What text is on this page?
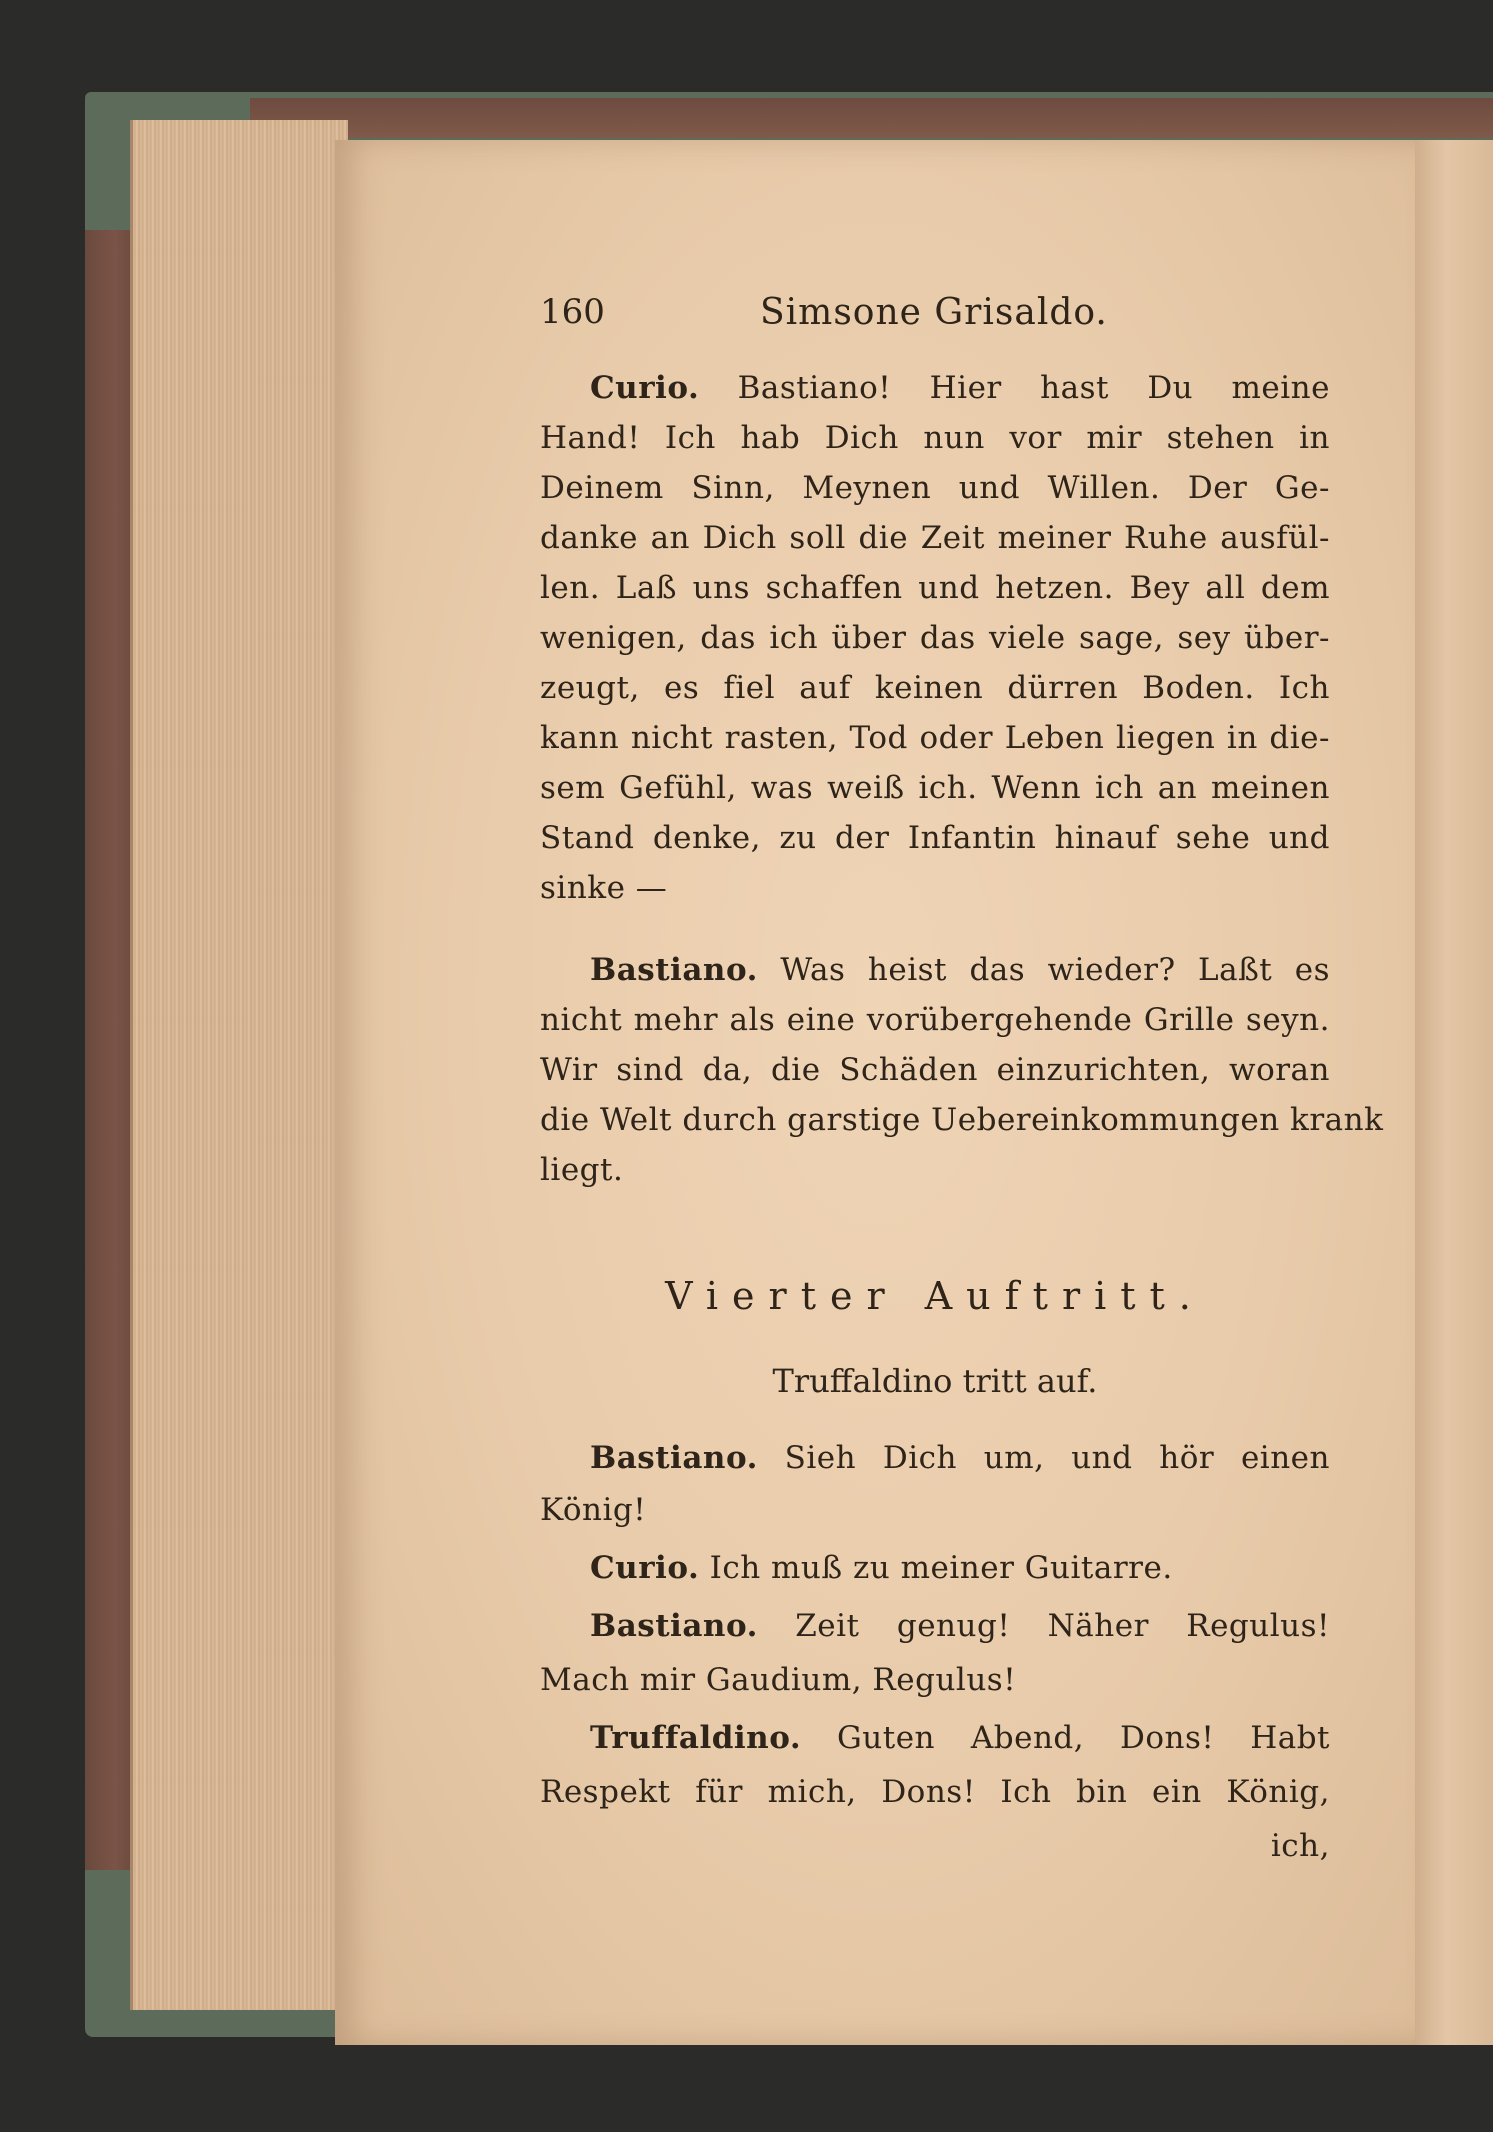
160	Simsone Grisaldo.
Curio. Bastiano! Hier hast Du meine
Hand! Ich hab Dich nun vor mir stehen in
Deinem Sinn, Meynen und Willen. Der Ge-
danke an Dich soll die Zeit meiner Ruhe ausfül-
len. Laß uns schaffen und hetzen. Bey all dem
wenigen, das ich über das viele sage, sey über-
zeugt, es fiel auf keinen dürren Boden. Ich
kann nicht rasten, Tod oder Leben liegen in die-
sem Gefühl, was weiß ich. Wenn ich an meinen
Stand denke, zu der Infantin hinauf sehe und
sinke —
Bastiano. Was heist das wieder? Laßt es
nicht mehr als eine vorübergehende Grille seyn.
Wir sind da, die Schäden einzurichten, woran
die Welt durch garstige Uebereinkommungen krank
liegt.
Bastiano. Sieh Dich um, und hör einen
König!
Curio. Ich muß zu meiner Guitarre.
Bastiano. Zeit genug! Näher Regulus!
Mach mir Gaudium, Regulus!
Truffaldino. Guten Abend, Dons! Habt
Respekt für mich, Dons! Ich bin ein König,
ich,
Vierter Auftritt.
Truffaldino tritt auf.
